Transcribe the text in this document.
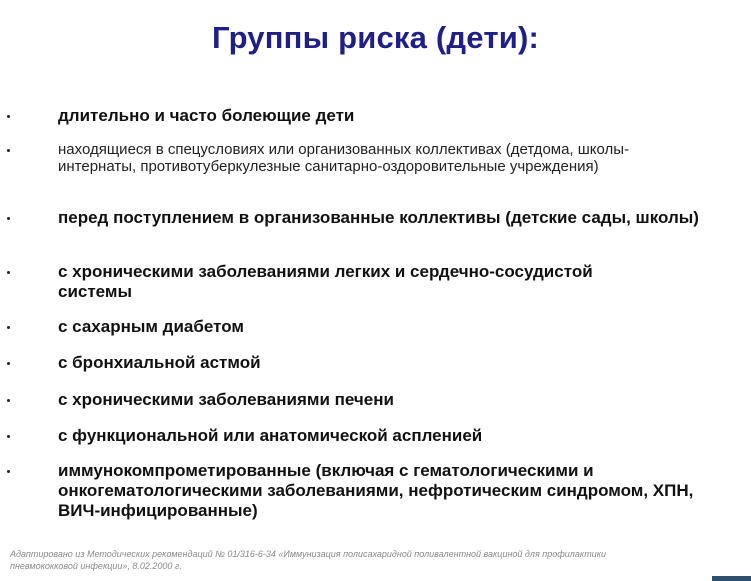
Группы риска (дети):
длительно и часто болеющие дети
находящиеся в спецусловиях или организованных коллективах (детдома, школы-интернаты, противотуберкулезные санитарно-оздоровительные учреждения)
перед поступлением в организованные коллективы (детские сады, школы)
с хроническими заболеваниями легких и сердечно-сосудистой системы
с сахарным диабетом
с бронхиальной астмой
с хроническими заболеваниями печени
с функциональной или анатомической аспленией
иммунокомпрометированные (включая с гематологическими и онкогематологическими заболеваниями, нефротическим синдромом, ХПН, ВИЧ-инфицированные)
Адаптировано из Методических рекомендаций № 01/316-6-34 «Иммунизация полисахаридной поливалентной вакциной для профилактики
пневмококковой инфекции», 8.02.2000 г.
